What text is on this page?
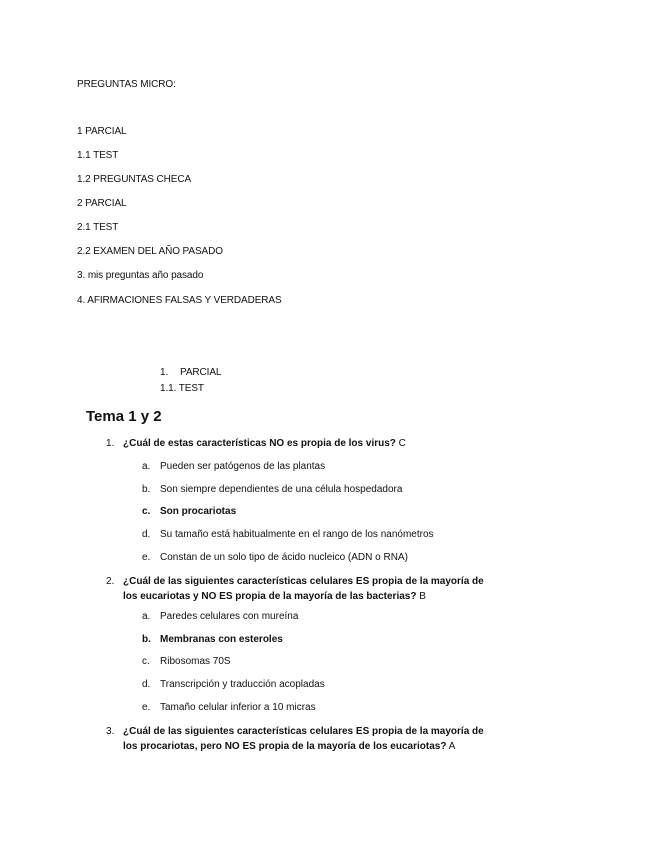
PREGUNTAS MICRO:
1 PARCIAL
1.1 TEST
1.2 PREGUNTAS CHECA
2 PARCIAL
2.1 TEST
2.2 EXAMEN DEL AÑO PASADO
3. mis preguntas año pasado
4. AFIRMACIONES FALSAS Y VERDADERAS
1. PARCIAL
1.1. TEST
Tema 1 y 2
1. ¿Cuál de estas características NO es propia de los virus? C
a. Pueden ser patógenos de las plantas
b. Son siempre dependientes de una célula hospedadora
c. Son procariotas
d. Su tamaño está habitualmente en el rango de los nanómetros
e. Constan de un solo tipo de ácido nucleico (ADN o RNA)
2. ¿Cuál de las siguientes características celulares ES propia de la mayoría de los eucariotas y NO ES propia de la mayoría de las bacterias? B
a. Paredes celulares con mureína
b. Membranas con esteroles
c. Ribosomas 70S
d. Transcripción y traducción acopladas
e. Tamaño celular inferior a 10 micras
3. ¿Cuál de las siguientes características celulares ES propia de la mayoría de los procariotas, pero NO ES propia de la mayoría de los eucariotas? A
